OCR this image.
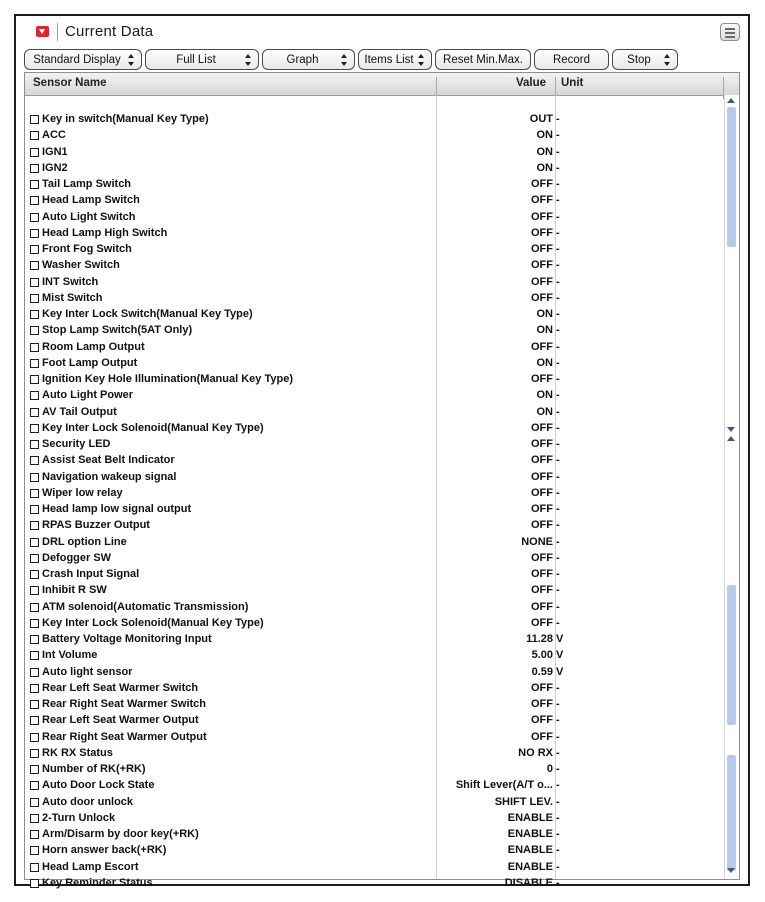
Current Data
Standard Display	Full List	Graph	Items List	Reset Min.Max.	Record	Stop
Sensor Name	Value Unit
Key in switch(Manual Key Type)	OUT -
ACC	ON -
IGN1	ON -
IGN2	ON -
Tail Lamp Switch	OFF -
Head Lamp Switch	OFF -
Auto Light Switch	OFF -
Head Lamp High Switch	OFF -
Front Fog Switch	OFF -
Washer Switch	OFF -
INT Switch	OFF -
Mist Switch	OFF -
Key Inter Lock Switch(Manual Key Type)	ON -
Stop Lamp Switch(5AT Only)	ON -
Room Lamp Output	OFF -
Foot Lamp Output	ON -
Ignition Key Hole Illumination(Manual Key Type)	OFF -
Auto Light Power	ON -
AV Tail Output	ON -
Key Inter Lock Solenoid(Manual Key Type)	OFF -
Security LED	OFF -
Assist Seat Belt Indicator	OFF -
Navigation wakeup signal	OFF -
Wiper low relay	OFF -
Head lamp low signal output	OFF -
RPAS Buzzer Output	OFF -
DRL option Line	NONE -
Defogger SW	OFF -
Crash Input Signal	OFF -
Inhibit R SW	OFF -
ATM solenoid(Automatic Transmission)	OFF -
Key Inter Lock Solenoid(Manual Key Type)	OFF -
Battery Voltage Monitoring Input	11.28 V
Int Volume	5.00 V
Auto light sensor	0.59 V
Rear Left Seat Warmer Switch	OFF -
Rear Right Seat Warmer Switch	OFF -
Rear Left Seat Warmer Output	OFF -
Rear Right Seat Warmer Output	OFF -
RK RX Status	NO RX -
Number of RK(+RK)	0 -
Auto Door Lock State	Shift Lever(A/T o... -
Auto door unlock	SHIFT LEV. -
2-Turn Unlock	ENABLE -
Arm/Disarm by door key(+RK)	ENABLE -
Horn answer back(+RK)	ENABLE -
Head Lamp Escort	ENABLE -
Key Reminder Status	DISABLE -
